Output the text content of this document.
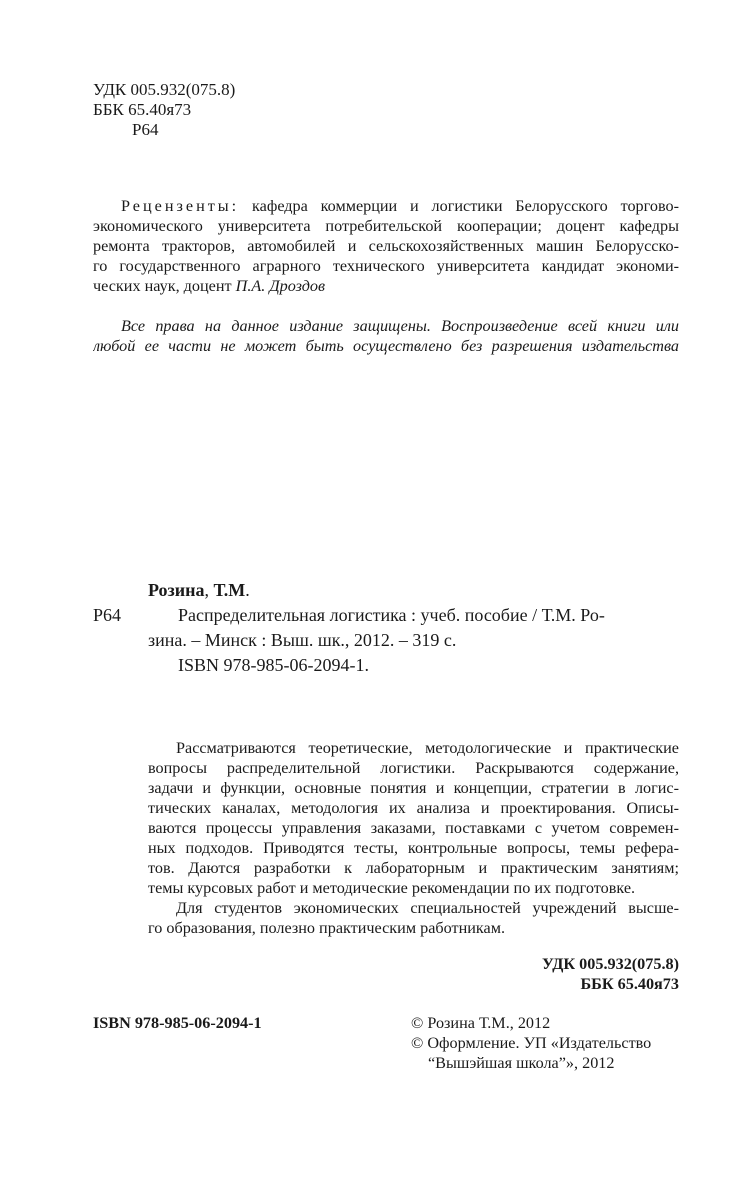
УДК 005.932(075.8)
ББК 65.40я73
Р64
Рецензенты: кафедра коммерции и логистики Белорусского торгово-
экономического университета потребительской кооперации; доцент кафедры
ремонта тракторов, автомобилей и сельскохозяйственных машин Белорусско-
го государственного аграрного технического университета кандидат экономи-
ческих наук, доцент П.А. Дроздов
Все права на данное издание защищены. Воспроизведение всей книги или
любой ее части не может быть осуществлено без разрешения издательства
Розина, Т.М.
Р64	Распределительная логистика : учеб. пособие / Т.М. Ро-
зина. – Минск : Выш. шк., 2012. – 319 с.
ISBN 978-985-06-2094-1.
Рассматриваются теоретические, методологические и практические
вопросы распределительной логистики. Раскрываются содержание,
задачи и функции, основные понятия и концепции, стратегии в логис-
тических каналах, методология их анализа и проектирования. Описы-
ваются процессы управления заказами, поставками с учетом современ-
ных подходов. Приводятся тесты, контрольные вопросы, темы рефера-
тов. Даются разработки к лабораторным и практическим занятиям;
темы курсовых работ и методические рекомендации по их подготовке.
Для студентов экономических специальностей учреждений высше-
го образования, полезно практическим работникам.
УДК 005.932(075.8)
ББК 65.40я73
ISBN 978-985-06-2094-1	© Розина Т.М., 2012
© Оформление. УП «Издательство
“Вышэйшая школа”», 2012
